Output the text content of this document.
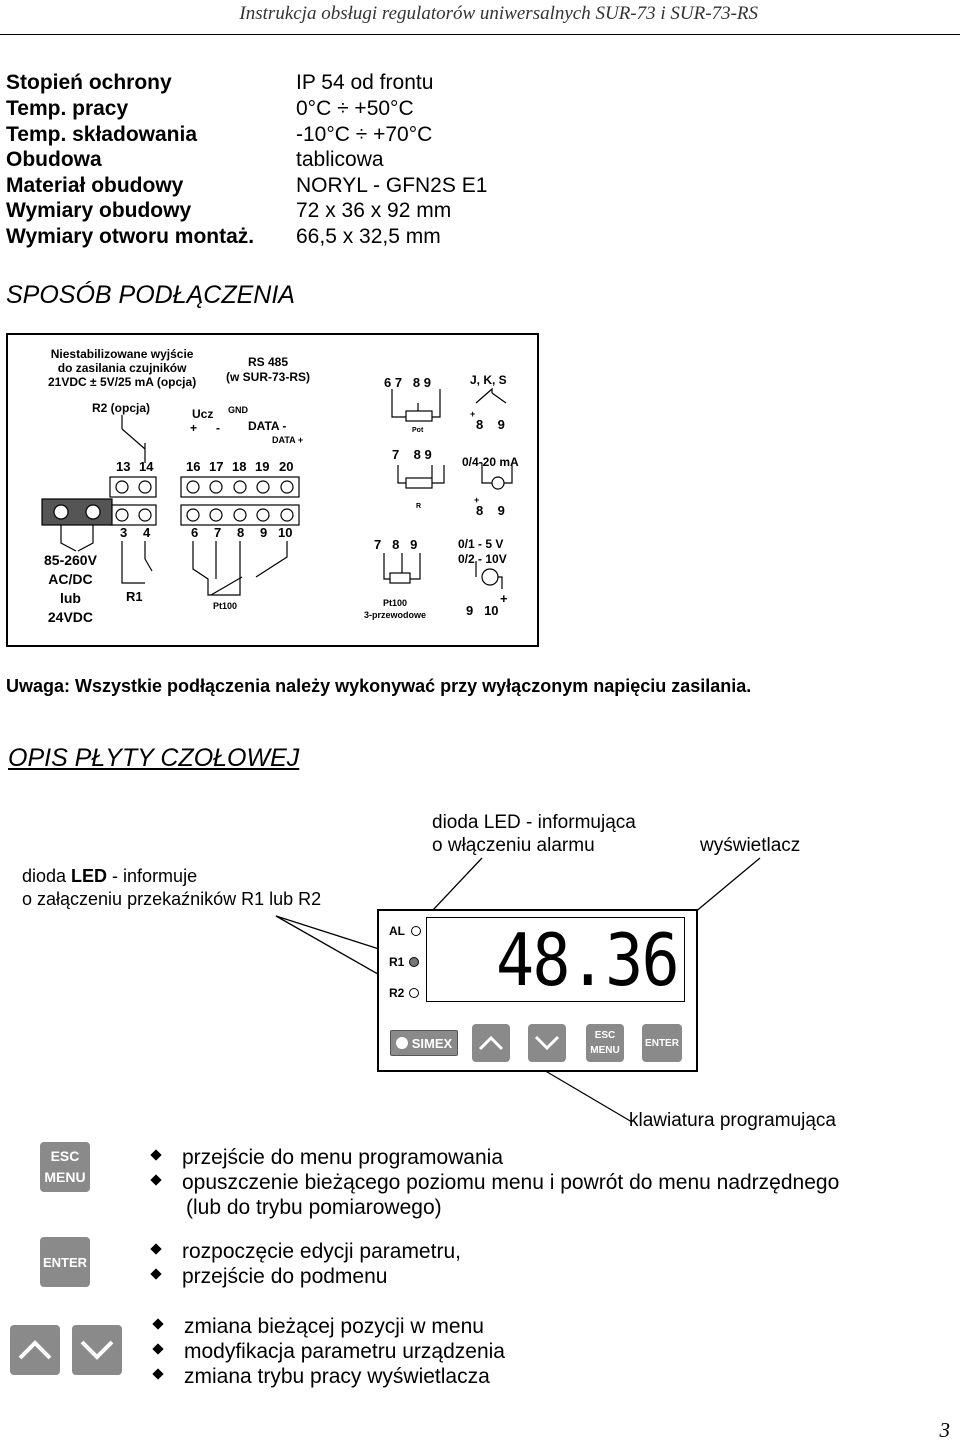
Instrukcja obsługi regulatorów uniwersalnych SUR-73 i SUR-73-RS
Stopień ochrony	IP 54 od frontu
Temp. pracy	0°C ÷ +50°C
Temp. składowania	-10°C ÷ +70°C
Obudowa	tablicowa
Materiał obudowy	NORYL - GFN2S E1
Wymiary obudowy	72 x 36 x 92 mm
Wymiary otworu montaż. 66,5 x 32,5 mm
SPOSÓB PODŁĄCZENIA
Niestabilizowane wyjście
do zasilania czujników
21VDC ± 5V/25 mA (opcja)
RS 485
(w SUR-73-RS)
R2 (opcja)	Ucz
+ -
GND
DATA -
DATA +
13 14	16 17 18 19 20
3 4	6 7 8 9 10
85-260V
AC/DC
lub
24VDC
R1
Pt100
6 7   8 9
Pot
7    8 9
R
7   8   9
Pt100
3-przewodowe
J, K, S
+
8    9
0/4-20 mA
+
8    9
0/1 - 5 V
0/2 - 10V
+
9   10
Uwaga: Wszystkie podłączenia należy wykonywać przy wyłączonym napięciu zasilania.
OPIS PŁYTY CZOŁOWEJ
dioda LED - informuje
o załączeniu przekaźników R1 lub R2
dioda LED - informująca
o włączeniu alarmu	wyświetlacz
klawiatura programująca
AL
R1
R2 48.36
SIMEX	ESC
MENU
ENTER
ESC
MENU
ENTER
przejście do menu programowania
opuszczenie bieżącego poziomu menu i powrót do menu nadrzędnego
(lub do trybu pomiarowego)
rozpoczęcie edycji parametru,
przejście do podmenu
zmiana bieżącej pozycji w menu
modyfikacja parametru urządzenia
zmiana trybu pracy wyświetlacza
3
